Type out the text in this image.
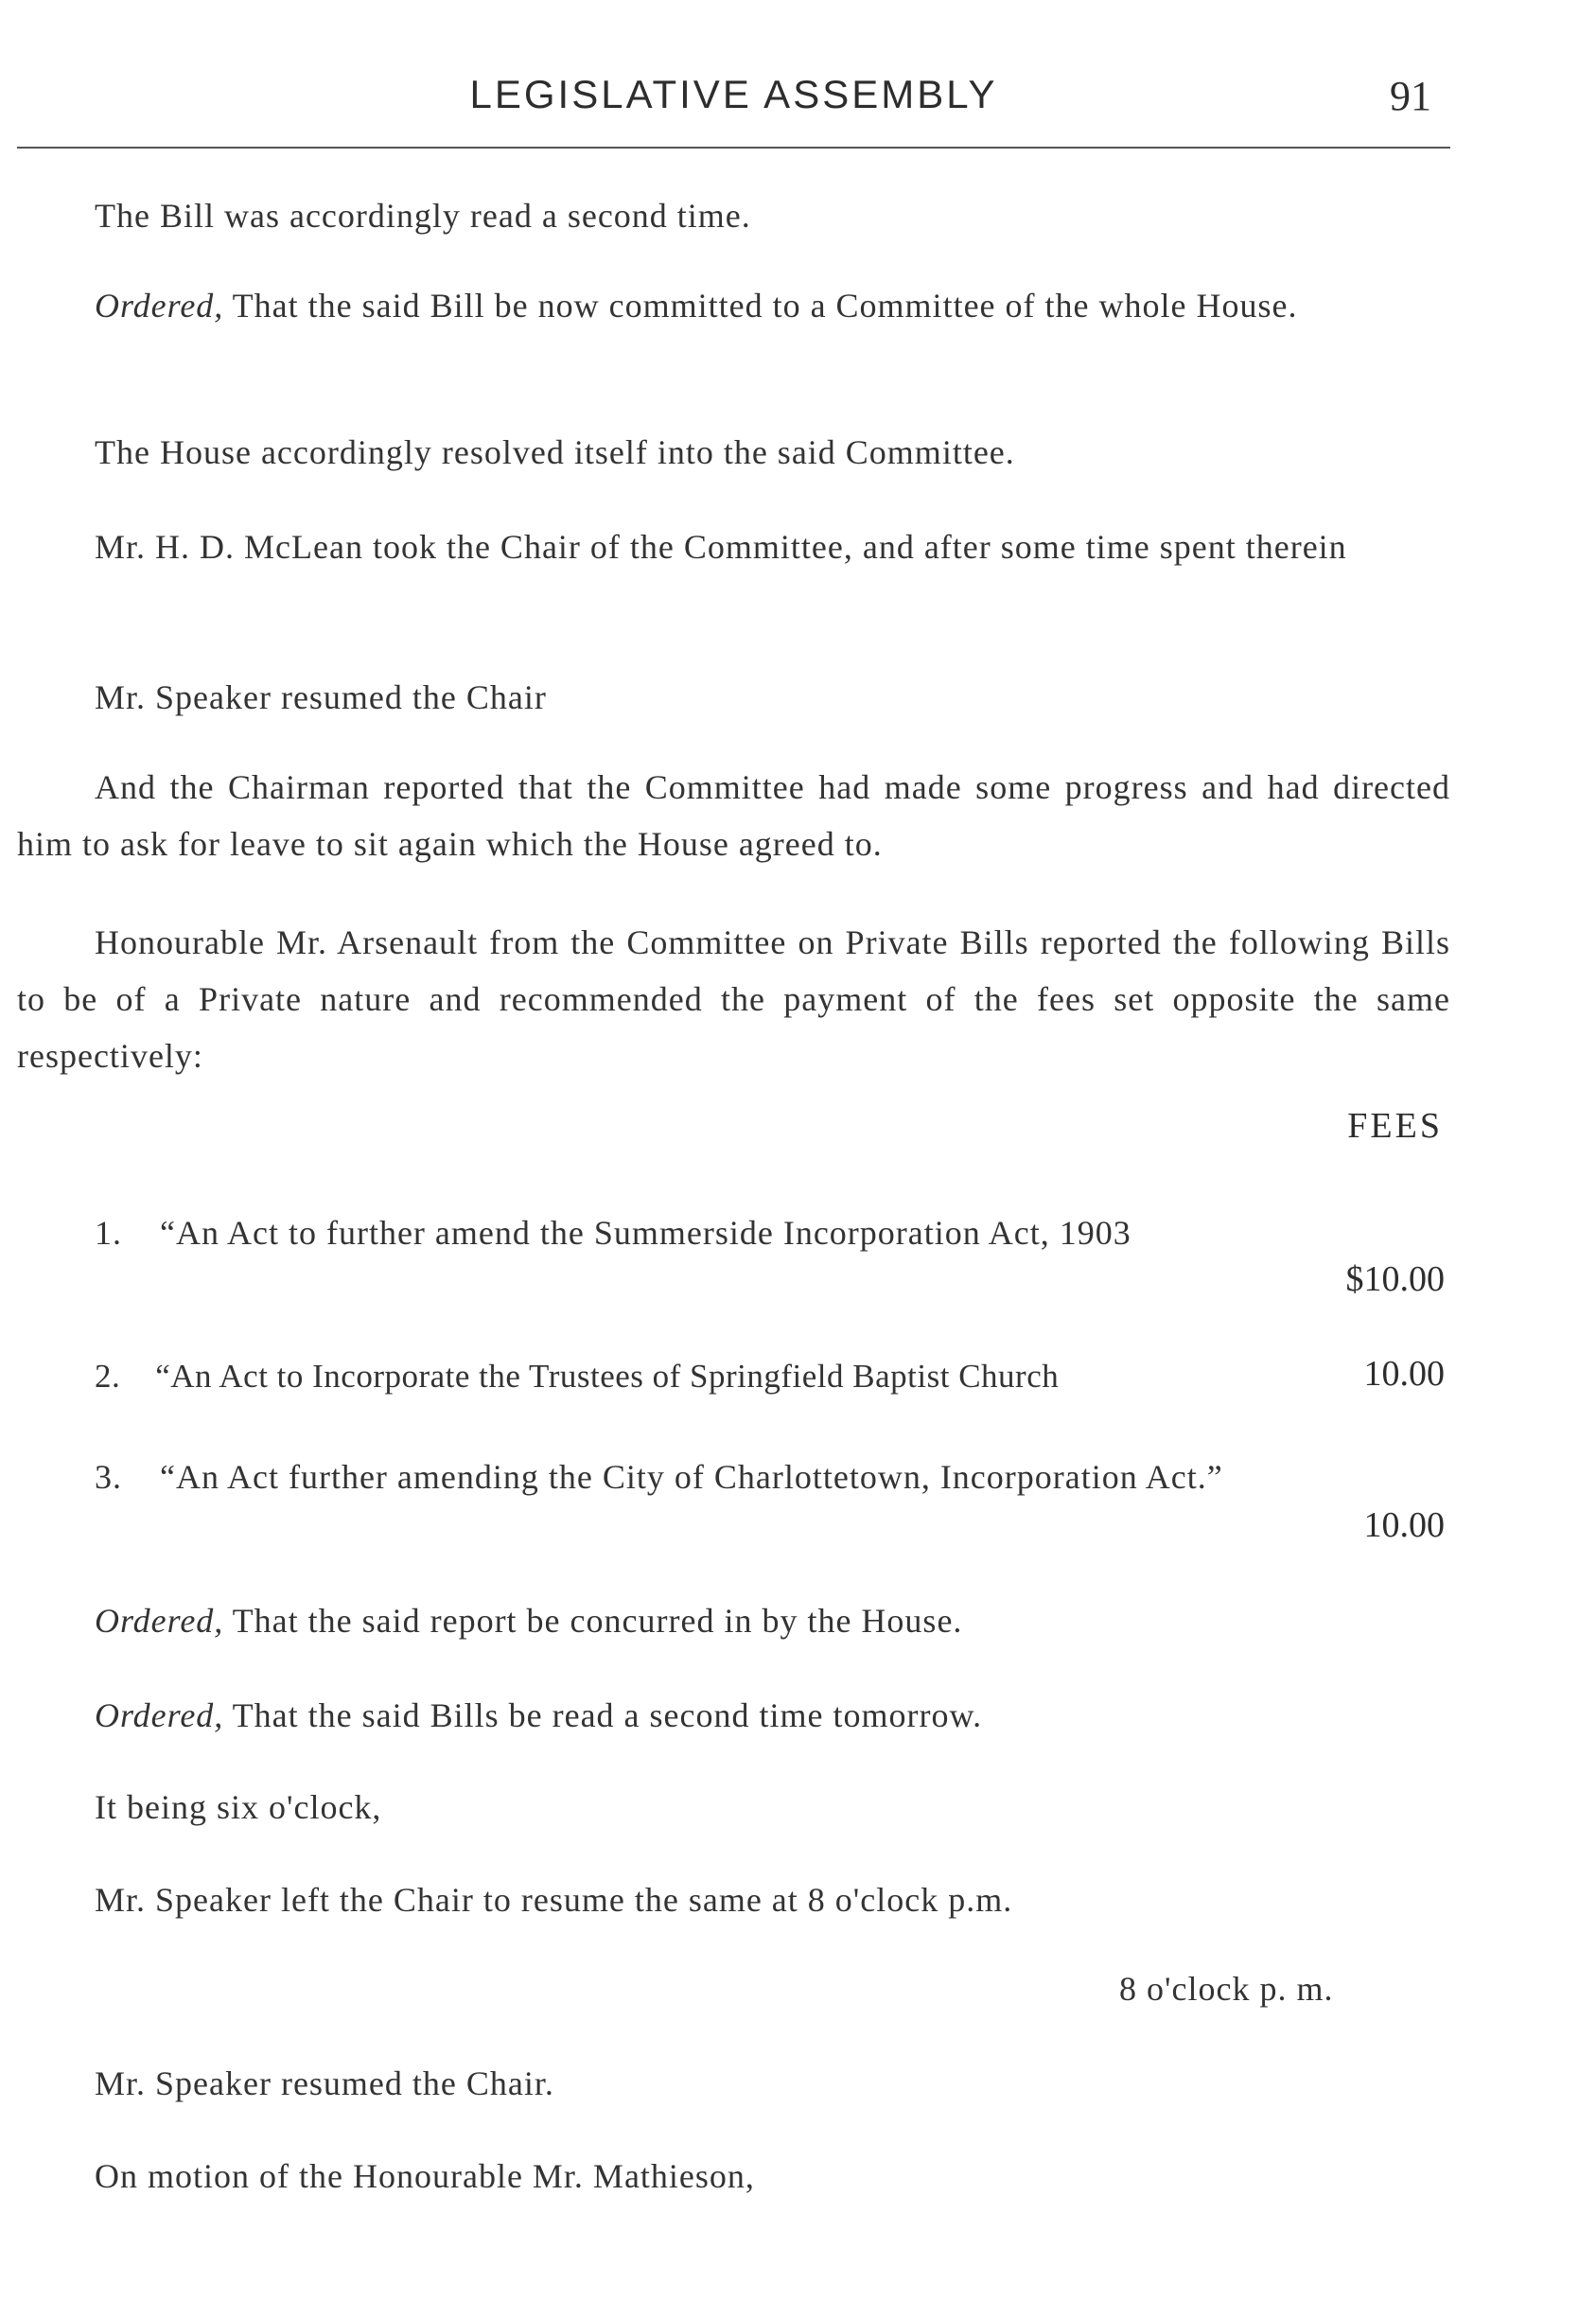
LEGISLATIVE ASSEMBLY	91
The Bill was accordingly read a second time.
Ordered, That the said Bill be now committed to a Committee of the whole House.
The House accordingly resolved itself into the said Committee.
Mr. H. D. McLean took the Chair of the Committee, and after some time spent therein
Mr. Speaker resumed the Chair
And the Chairman reported that the Committee had made some progress and had directed him to ask for leave to sit again which the House agreed to.
Honourable Mr. Arsenault from the Committee on Private Bills reported the following Bills to be of a Private nature and recommended the payment of the fees set opposite the same respectively:
FEES
1. “An Act to further amend the Summerside Incorporation Act, 1903
$10.00
2. “An Act to Incorporate the Trustees of Springfield Baptist Church	10.00
3. “An Act further amending the City of Charlottetown, Incorporation Act.”
10.00
Ordered, That the said report be concurred in by the House.
Ordered, That the said Bills be read a second time tomorrow.
It being six o'clock,
Mr. Speaker left the Chair to resume the same at 8 o'clock p.m.
8 o'clock p. m.
Mr. Speaker resumed the Chair.
On motion of the Honourable Mr. Mathieson,
